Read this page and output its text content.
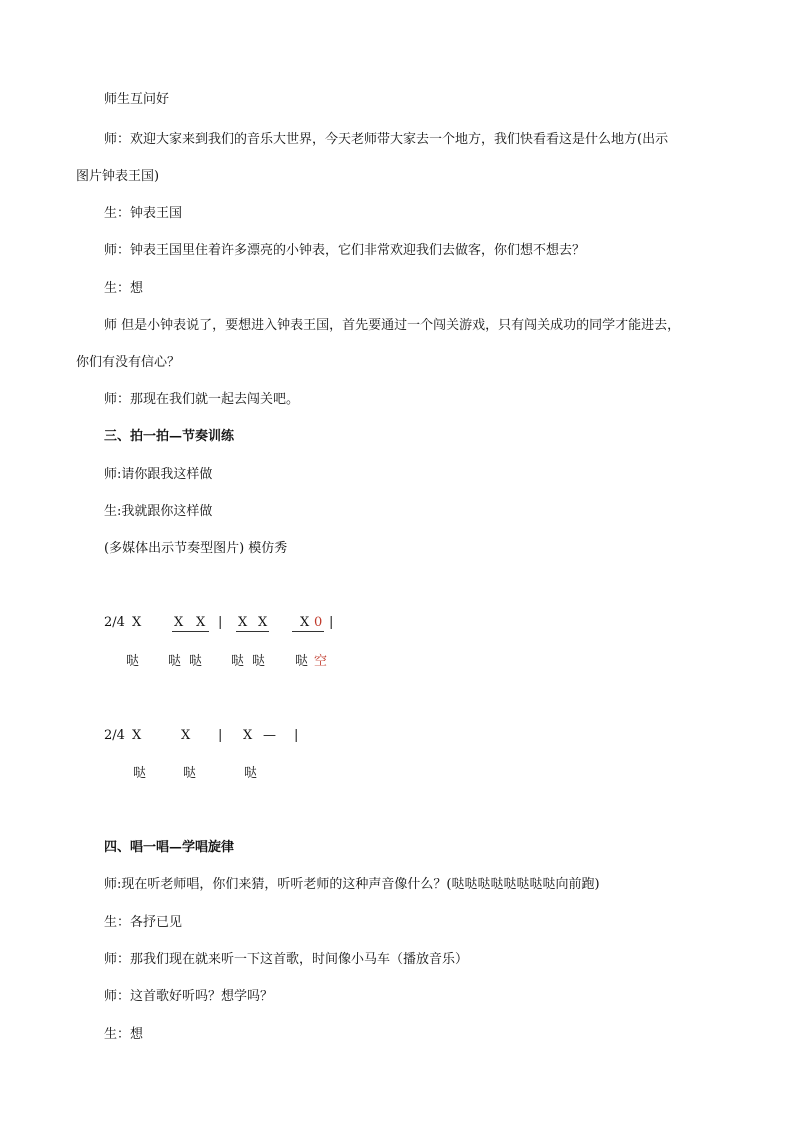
师生互问好
师：欢迎大家来到我们的音乐大世界，今天老师带大家去一个地方，我们快看看这是什么地方(出示
图片钟表王国)
生：钟表王国
师：钟表王国里住着许多漂亮的小钟表，它们非常欢迎我们去做客，你们想不想去？
生：想
师 但是小钟表说了，要想进入钟表王国，首先要通过一个闯关游戏，只有闯关成功的同学才能进去，
你们有没有信心？
师：那现在我们就一起去闯关吧。
三、拍一拍—节奏训练
师:请你跟我这样做
生:我就跟你这样做
(多媒体出示节奏型图片) 模仿秀
2/4 X	X X | X X	X 0 |
哒 哒 哒 哒 哒 哒 空
2/4 X	X | X — |
哒	哒	哒
四、唱一唱—学唱旋律
师:现在听老师唱，你们来猜，听听老师的这种声音像什么？(哒哒哒哒哒哒哒哒向前跑)
生：各抒已见
师：那我们现在就来听一下这首歌，时间像小马车（播放音乐）
师：这首歌好听吗？想学吗？
生：想
